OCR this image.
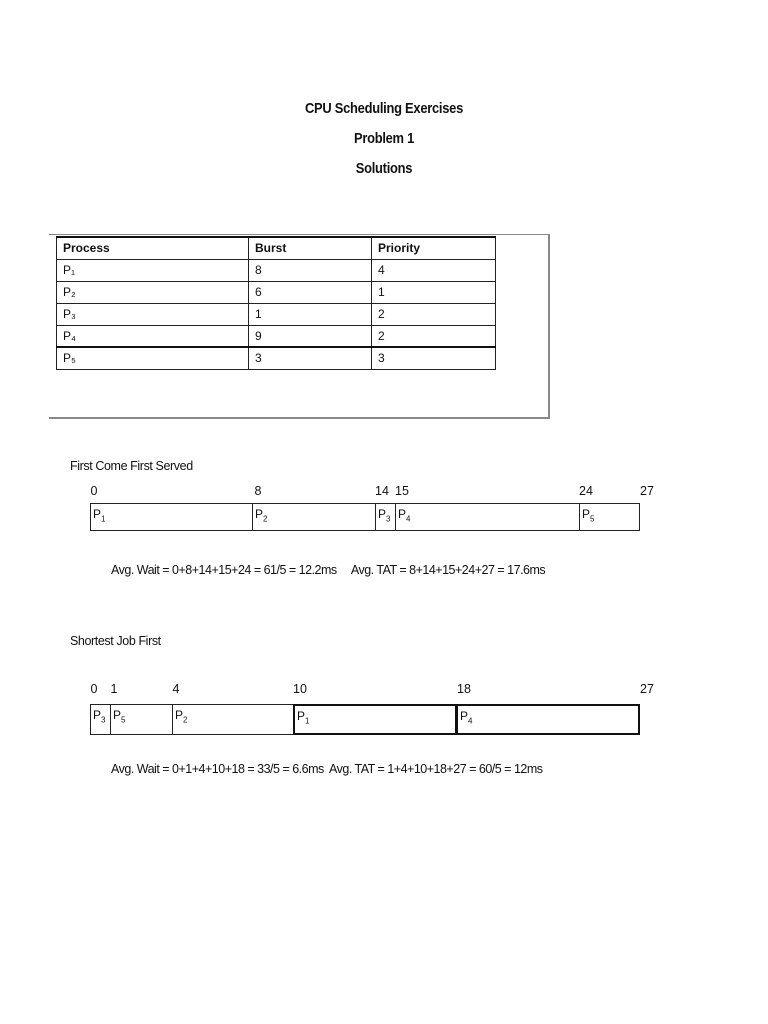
CPU Scheduling Exercises
Problem 1
Solutions
Process	Burst	Priority
P₁	8	4
P₂	6	1
P₃	1	2
P₄	9	2
P₅	3	3
First Come First Served
0	8	14 15	24	27
$P_1$	$P_2$	$P_3$ $P_4$	$P_5$
Avg. Wait = 0+8+14+15+24 = 61/5 = 12.2ms     Avg. TAT = 8+14+15+24+27 = 17.6ms
Shortest Job First
0 1	4	10	18	27
$P_3$ $P_5$	$P_2$	$P_1$	$P_4$
Avg. Wait = 0+1+4+10+18 = 33/5 = 6.6ms  Avg. TAT = 1+4+10+18+27 = 60/5 = 12ms
